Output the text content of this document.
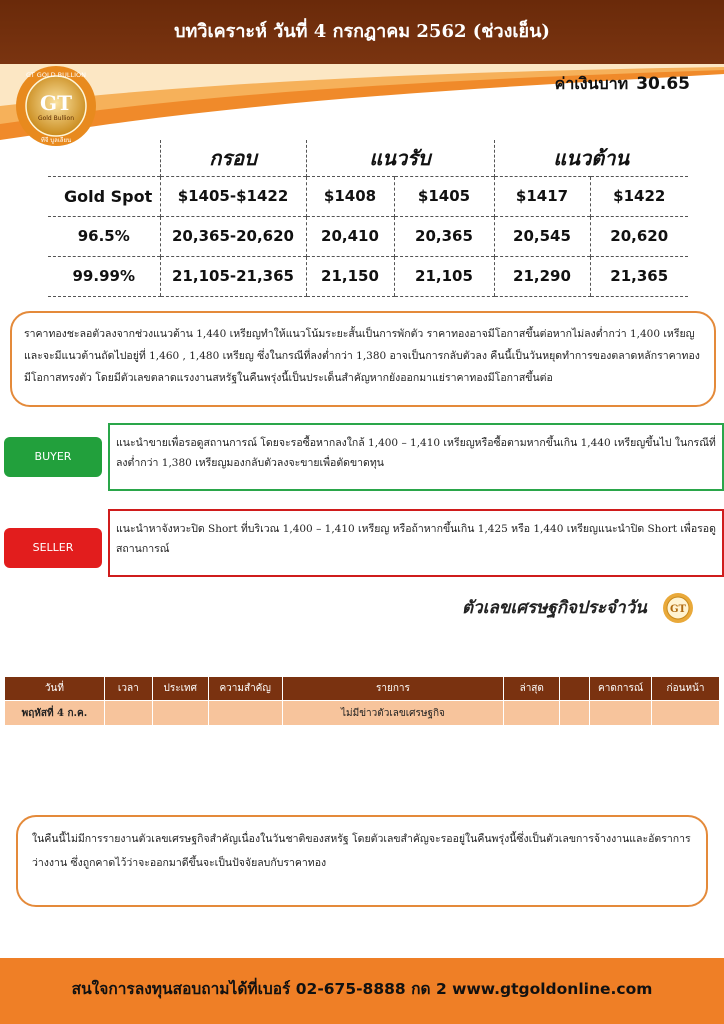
บทวิเคราะห์ วันที่ 4 กรกฎาคม 2562 (ช่วงเย็น)
GT GOLD BULLION
GT
Gold Bullion
ทีจี บูลเลียน
ค่าเงินบาท 30.65
	กรอบ	แนวรับ		แนวต้าน	
Gold Spot	$1405-$1422	$1408	$1405	$1417	$1422
96.5%	20,365-20,620	20,410	20,365	20,545	20,620
99.99%	21,105-21,365	21,150	21,105	21,290	21,365

ราคาทองชะลอตัวลงจากช่วงแนวต้าน 1,440 เหรียญทำให้แนวโน้มระยะสั้นเป็นการพักตัว ราคาทองอาจมีโอกาสขึ้นต่อหากไม่ลงต่ำกว่า 1,400 เหรียญและจะมีแนวต้านถัดไปอยู่ที่ 1,460 , 1,480 เหรียญ ซึ่งในกรณีที่ลงต่ำกว่า 1,380 อาจเป็นการกลับตัวลง คืนนี้เป็นวันหยุดทำการของตลาดหลักราคาทองมีโอกาสทรงตัว โดยมีตัวเลขตลาดแรงงานสหรัฐในคืนพรุ่งนี้เป็นประเด็นสำคัญหากยังออกมาแย่ราคาทองมีโอกาสขึ้นต่อ

BUYER

แนะนำขายเพื่อรอดูสถานการณ์ โดยจะรอซื้อหากลงใกล้ 1,400 – 1,410 เหรียญหรือซื้อตามหากขึ้นเกิน 1,440 เหรียญขึ้นไป ในกรณีที่ลงต่ำกว่า 1,380 เหรียญมองกลับตัวลงจะขายเพื่อตัดขาดทุน

SELLER

แนะนำหาจังหวะปิด Short ที่บริเวณ 1,400 – 1,410 เหรียญ หรือถ้าหากขึ้นเกิน 1,425 หรือ 1,440 เหรียญแนะนำปิด Short เพื่อรอดูสถานการณ์

ตัวเลขเศรษฐกิจประจำวัน GT
วันที่	เวลา	ประเทศ	ความสำคัญ	รายการ	ล่าสุด		คาดการณ์	ก่อนหน้า
พฤหัสที่ 4 ก.ค.				ไม่มีข่าวตัวเลขเศรษฐกิจ				

ในคืนนี้ไม่มีการรายงานตัวเลขเศรษฐกิจสำคัญเนื่องในวันชาติของสหรัฐ โดยตัวเลขสำคัญจะรออยู่ในคืนพรุ่งนี้ซึ่งเป็นตัวเลขการจ้างงานและอัตราการว่างงาน ซึ่งถูกคาดไว้ว่าจะออกมาดีขึ้นจะเป็นปัจจัยลบกับราคาทอง

สนใจการลงทุนสอบถามได้ที่เบอร์ 02-675-8888 กด 2 www.gtgoldonline.com
